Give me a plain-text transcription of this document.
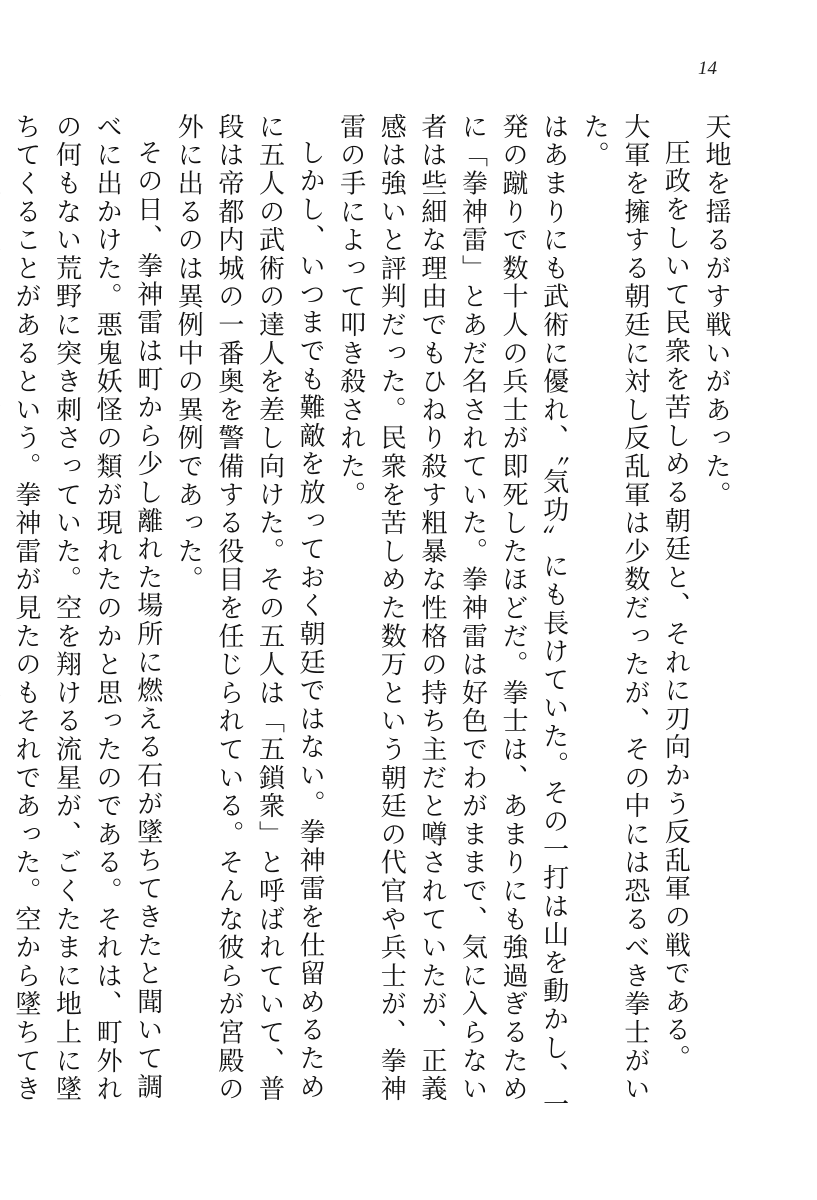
14

天地を揺るがす戦いがあった。

圧政をしいて民衆を苦しめる朝廷と、それに刃向かう反乱軍の戦である。

大軍を擁する朝廷に対し反乱軍は少数だったが、その中には恐るべき拳士がいた。

はあまりにも武術に優れ、〝気功〟にも長けていた。その一打は山を動かし、一発の蹴りで数十人の兵士が即死したほどだ。拳士は、あまりにも強過ぎるために「拳神雷」とあだ名されていた。拳神雷は好色でわがままで、気に入らない者は些細な理由でもひねり殺す粗暴な性格の持ち主だと噂されていたが、正義感は強いと評判だった。民衆を苦しめた数万という朝廷の代官や兵士が、拳神雷の手によって叩き殺された。

しかし、いつまでも難敵を放っておく朝廷ではない。拳神雷を仕留めるために五人の武術の達人を差し向けた。その五人は「五鎖衆」と呼ばれていて、普段は帝都内城の一番奥を警備する役目を任じられている。そんな彼らが宮殿の外に出るのは異例中の異例であった。

その日、拳神雷は町から少し離れた場所に燃える石が墜ちてきたと聞いて調べに出かけた。悪鬼妖怪の類が現れたのかと思ったのである。それは、町外れの何もない荒野に突き刺さっていた。空を翔ける流星が、ごくたまに地上に墜ちてくることがあるという。拳神雷が見たのもそれであった。空から墜ちてき
